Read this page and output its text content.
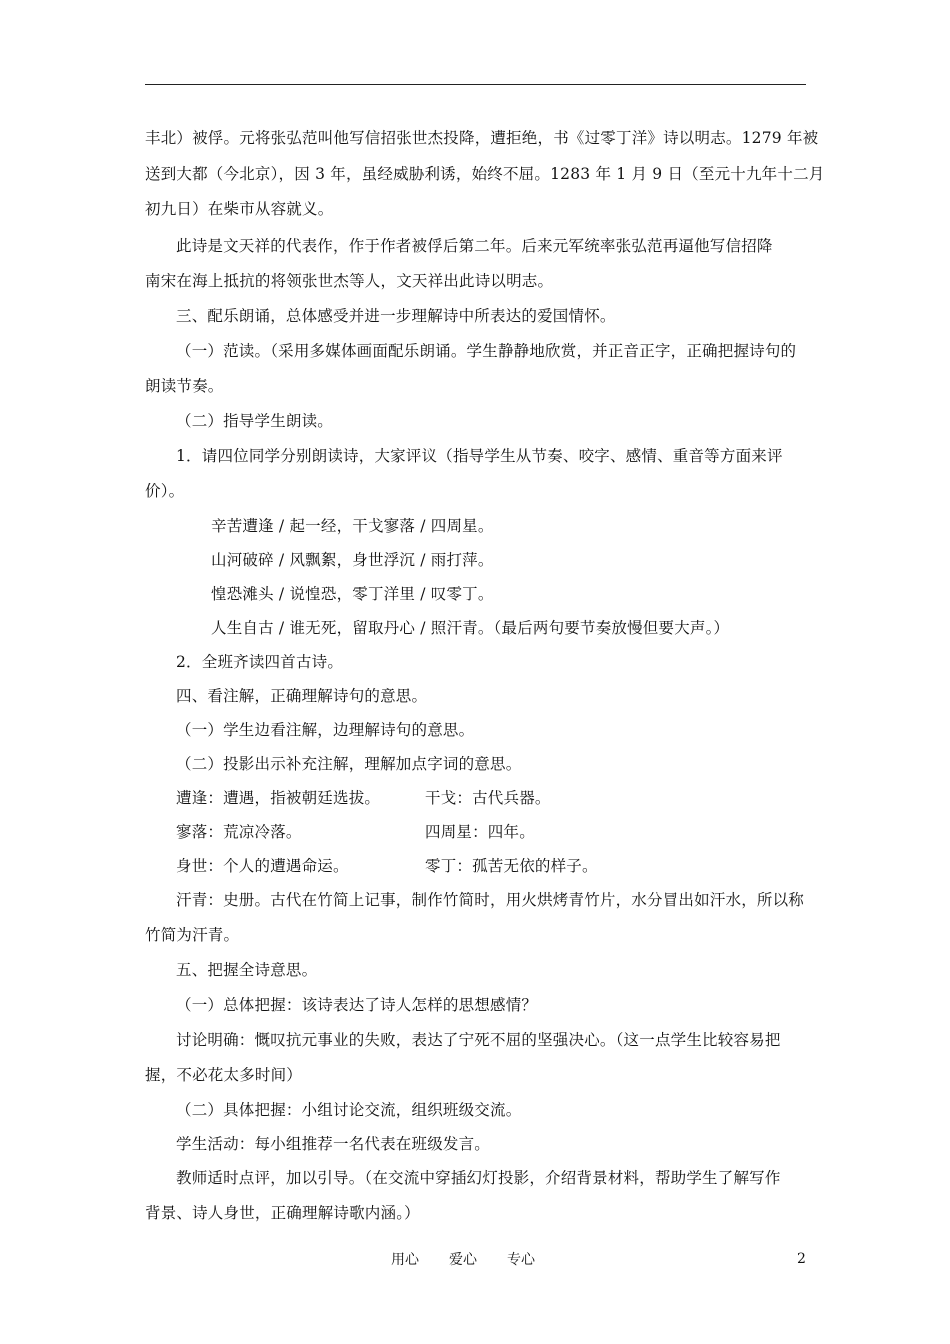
丰北）被俘。元将张弘范叫他写信招张世杰投降，遭拒绝，书《过零丁洋》诗以明志。1279 年被
送到大都（今北京），因 3 年，虽经威胁利诱，始终不屈。1283 年 1 月 9 日（至元十九年十二月
初九日）在柴市从容就义。
此诗是文天祥的代表作，作于作者被俘后第二年。后来元军统率张弘范再逼他写信招降
南宋在海上抵抗的将领张世杰等人，文天祥出此诗以明志。
三、配乐朗诵，总体感受并进一步理解诗中所表达的爱国情怀。
（一）范读。（采用多媒体画面配乐朗诵。学生静静地欣赏，并正音正字，正确把握诗句的
朗读节奏。
（二）指导学生朗读。
1．请四位同学分别朗读诗，大家评议（指导学生从节奏、咬字、感情、重音等方面来评
价）。
辛苦遭逢 / 起一经，干戈寥落 / 四周星。
山河破碎 / 风飘絮，身世浮沉 / 雨打萍。
惶恐滩头 / 说惶恐，零丁洋里 / 叹零丁。
人生自古 / 谁无死，留取丹心 / 照汗青。（最后两句要节奏放慢但要大声。）
2．全班齐读四首古诗。
四、看注解，正确理解诗句的意思。
（一）学生边看注解，边理解诗句的意思。
（二）投影出示补充注解，理解加点字词的意思。
遭逢：遭遇，指被朝廷选拔。	干戈：古代兵器。
寥落：荒凉冷落。	四周星：四年。
身世：个人的遭遇命运。	零丁：孤苦无依的样子。
汗青：史册。古代在竹简上记事，制作竹简时，用火烘烤青竹片，水分冒出如汗水，所以称
竹简为汗青。
五、把握全诗意思。
（一）总体把握：该诗表达了诗人怎样的思想感情？
讨论明确：慨叹抗元事业的失败，表达了宁死不屈的坚强决心。（这一点学生比较容易把
握，不必花太多时间）
（二）具体把握：小组讨论交流，组织班级交流。
学生活动：每小组推荐一名代表在班级发言。
教师适时点评，加以引导。（在交流中穿插幻灯投影，介绍背景材料，帮助学生了解写作
背景、诗人身世，正确理解诗歌内涵。）
用心 爱心 专心	2
